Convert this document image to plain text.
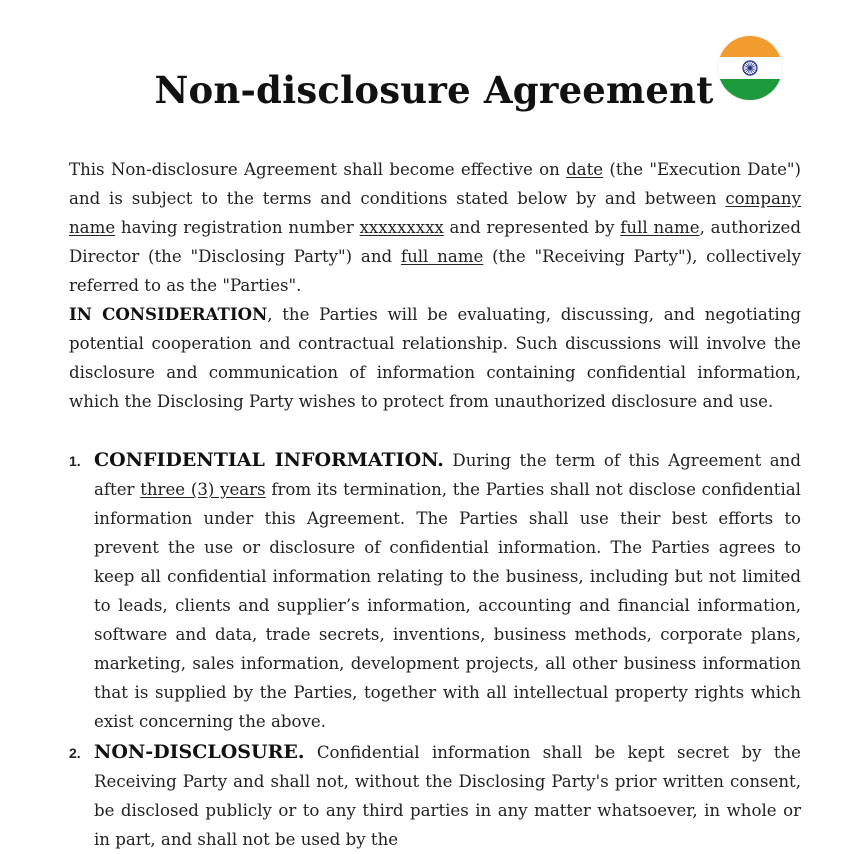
Non-disclosure Agreement

This Non-disclosure Agreement shall become effective on date (the "Execution Date") and is subject to the terms and conditions stated below by and between company name having registration number xxxxxxxxx and represented by full name, authorized Director (the "Disclosing Party") and full name (the "Receiving Party"), collectively referred to as the "Parties".

IN CONSIDERATION, the Parties will be evaluating, discussing, and negotiating potential cooperation and contractual relationship. Such discussions will involve the disclosure and communication of information containing confidential information, which the Disclosing Party wishes to protect from unauthorized disclosure and use.

1. CONFIDENTIAL INFORMATION. During the term of this Agreement and after three (3) years from its termination, the Parties shall not disclose confidential information under this Agreement. The Parties shall use their best efforts to prevent the use or disclosure of confidential information. The Parties agrees to keep all confidential information relating to the business, including but not limited to leads, clients and supplier’s information, accounting and financial information, software and data, trade secrets, inventions, business methods, corporate plans, marketing, sales information, development projects, all other business information that is supplied by the Parties, together with all intellectual property rights which exist concerning the above.

2. NON-DISCLOSURE. Confidential information shall be kept secret by the Receiving Party and shall not, without the Disclosing Party's prior written consent, be disclosed publicly or to any third parties in any matter whatsoever, in whole or in part, and shall not be used by the
